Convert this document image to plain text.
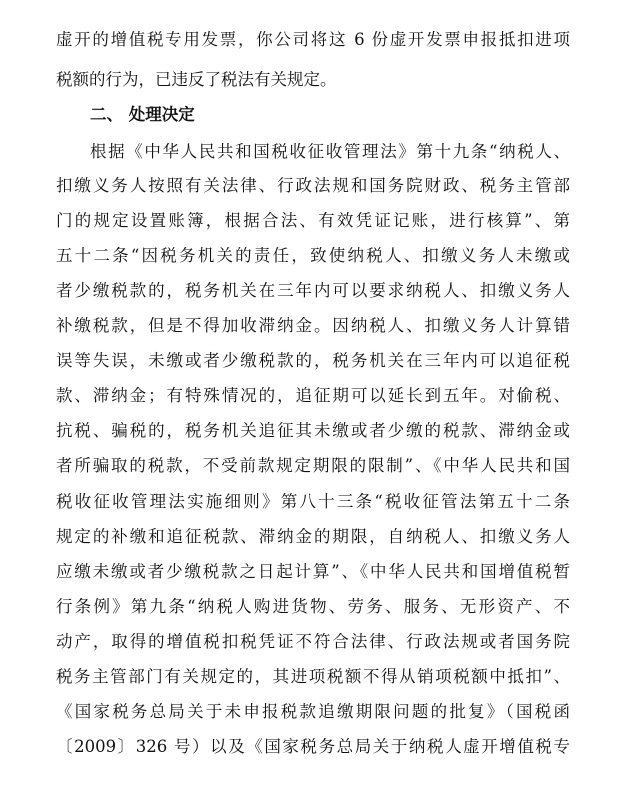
虚开的增值税专用发票，你公司将这 6 份虚开发票申报抵扣进项
税额的行为，已违反了税法有关规定。
二、 处理决定
根据《中华人民共和国税收征收管理法》第十九条“纳税人、
扣缴义务人按照有关法律、行政法规和国务院财政、税务主管部
门的规定设置账簿，根据合法、有效凭证记账，进行核算”、第
五十二条“因税务机关的责任，致使纳税人、扣缴义务人未缴或
者少缴税款的，税务机关在三年内可以要求纳税人、扣缴义务人
补缴税款，但是不得加收滞纳金。因纳税人、扣缴义务人计算错
误等失误，未缴或者少缴税款的，税务机关在三年内可以追征税
款、滞纳金；有特殊情况的，追征期可以延长到五年。对偷税、
抗税、骗税的，税务机关追征其未缴或者少缴的税款、滞纳金或
者所骗取的税款，不受前款规定期限的限制”、《中华人民共和国
税收征收管理法实施细则》第八十三条“税收征管法第五十二条
规定的补缴和追征税款、滞纳金的期限，自纳税人、扣缴义务人
应缴未缴或者少缴税款之日起计算”、《中华人民共和国增值税暂
行条例》第九条“纳税人购进货物、劳务、服务、无形资产、不
动产，取得的增值税扣税凭证不符合法律、行政法规或者国务院
税务主管部门有关规定的，其进项税额不得从销项税额中抵扣”、
《国家税务总局关于未申报税款追缴期限问题的批复》（国税函
〔2009〕326 号）以及《国家税务总局关于纳税人虚开增值税专
